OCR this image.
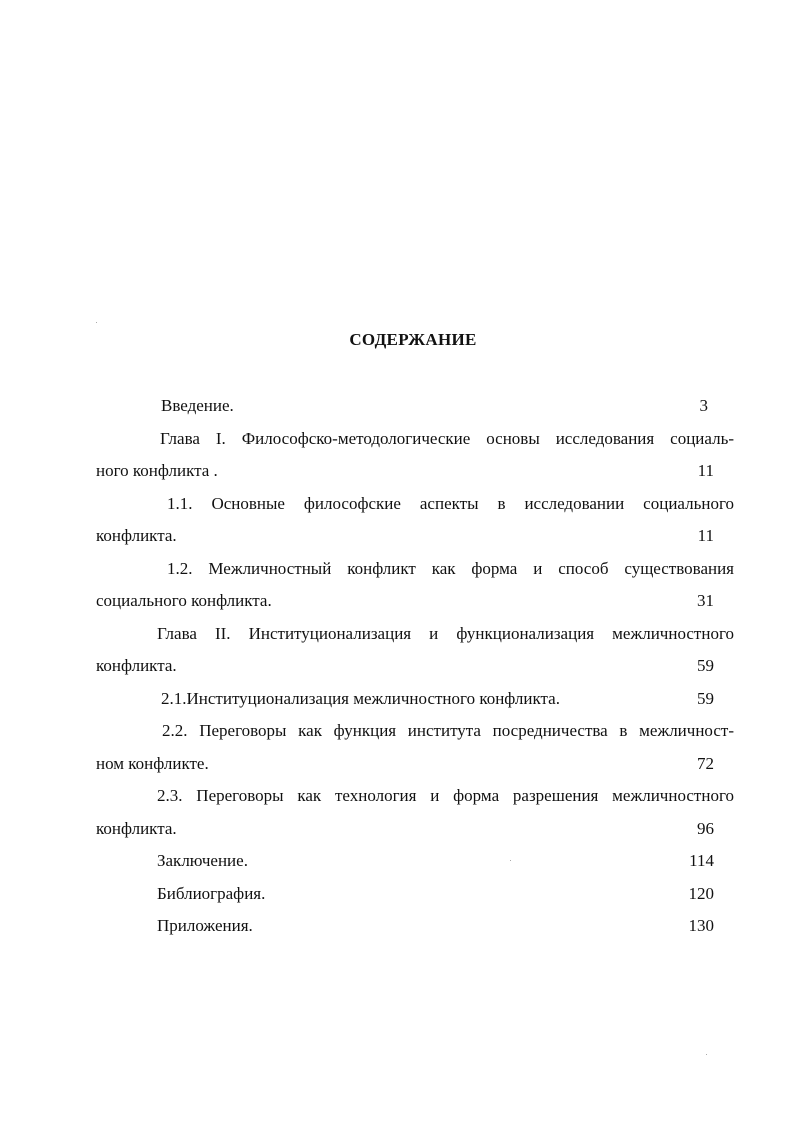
СОДЕРЖАНИЕ
Введение.	3
Глава I. Философско-методологические основы исследования социаль-
ного конфликта .	11
1.1. Основные философские аспекты в исследовании социального
конфликта.	11
1.2. Межличностный конфликт как форма и способ существования
социального конфликта.	31
Глава II. Институционализация и функционализация межличностного
конфликта.	59
2.1.Институционализация межличностного конфликта.	59
2.2. Переговоры как функция института посредничества в межличност-
ном конфликте.	72
2.3. Переговоры как технология и форма разрешения межличностного
конфликта.	96
Заключение.	114
Библиография.	120
Приложения.	130
